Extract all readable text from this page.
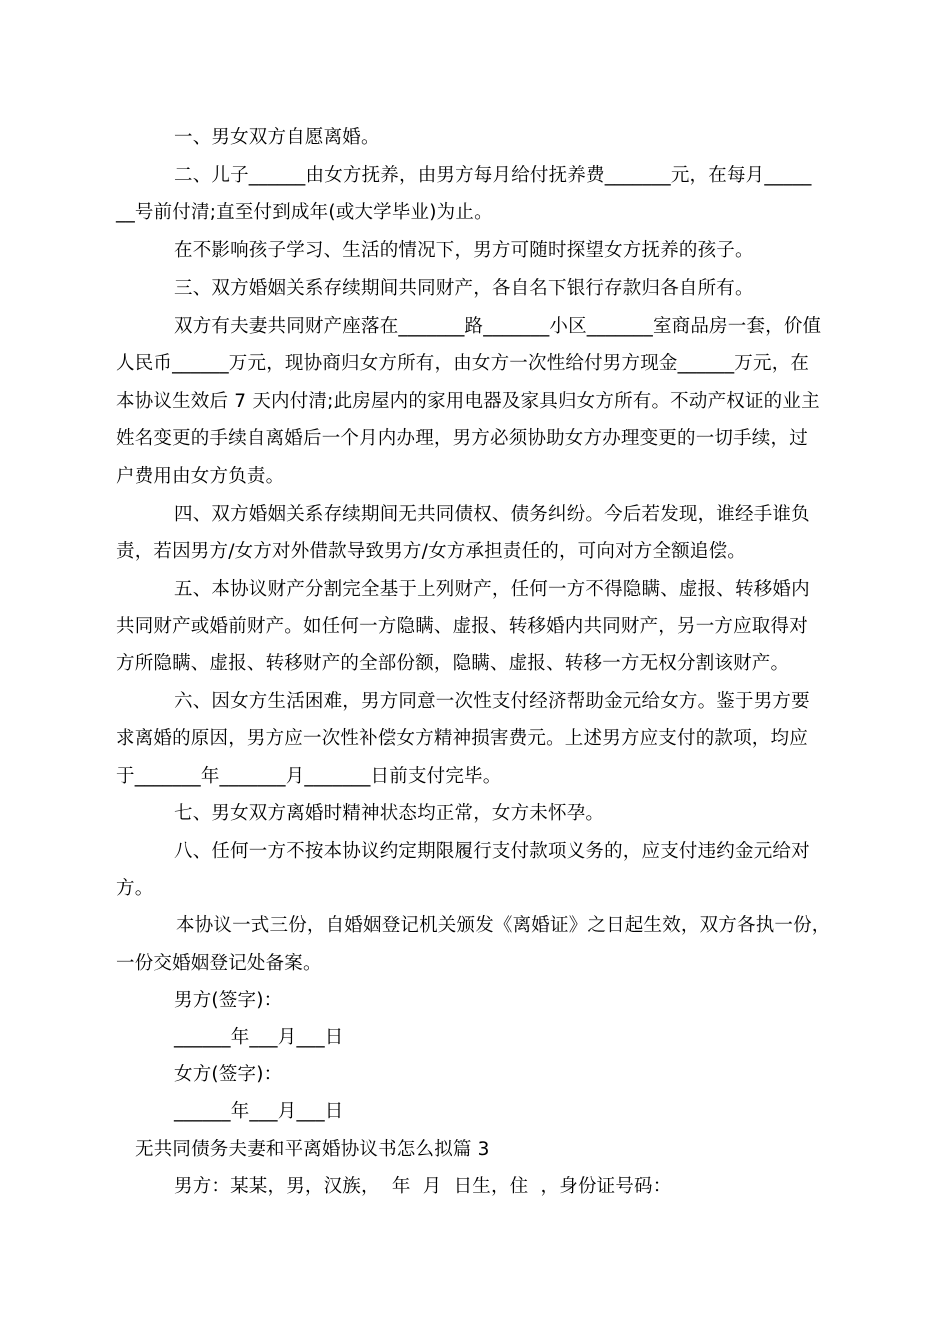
一、男女双方自愿离婚。
二、儿子______由女方抚养，由男方每月给付抚养费_______元，在每月_____
__号前付清;直至付到成年(或大学毕业)为止。
在不影响孩子学习、生活的情况下，男方可随时探望女方抚养的孩子。
三、双方婚姻关系存续期间共同财产，各自名下银行存款归各自所有。
双方有夫妻共同财产座落在_______路_______小区_______室商品房一套，价值
人民币______万元，现协商归女方所有，由女方一次性给付男方现金______万元，在
本协议生效后 7 天内付清;此房屋内的家用电器及家具归女方所有。不动产权证的业主
姓名变更的手续自离婚后一个月内办理，男方必须协助女方办理变更的一切手续，过
户费用由女方负责。
四、双方婚姻关系存续期间无共同债权、债务纠纷。今后若发现，谁经手谁负
责，若因男方/女方对外借款导致男方/女方承担责任的，可向对方全额追偿。
五、本协议财产分割完全基于上列财产，任何一方不得隐瞒、虚报、转移婚内
共同财产或婚前财产。如任何一方隐瞒、虚报、转移婚内共同财产，另一方应取得对
方所隐瞒、虚报、转移财产的全部份额，隐瞒、虚报、转移一方无权分割该财产。
六、因女方生活困难，男方同意一次性支付经济帮助金元给女方。鉴于男方要
求离婚的原因，男方应一次性补偿女方精神损害费元。上述男方应支付的款项，均应
于_______年_______月_______日前支付完毕。
七、男女双方离婚时精神状态均正常，女方未怀孕。
八、任何一方不按本协议约定期限履行支付款项义务的，应支付违约金元给对
方。
本协议一式三份，自婚姻登记机关颁发《离婚证》之日起生效，双方各执一份，
一份交婚姻登记处备案。
男方(签字)：
______年___月___日
女方(签字)：
______年___月___日
无共同债务夫妻和平离婚协议书怎么拟篇 3
男方：某某，男，汉族，  年  月  日生，住  ，身份证号码：
